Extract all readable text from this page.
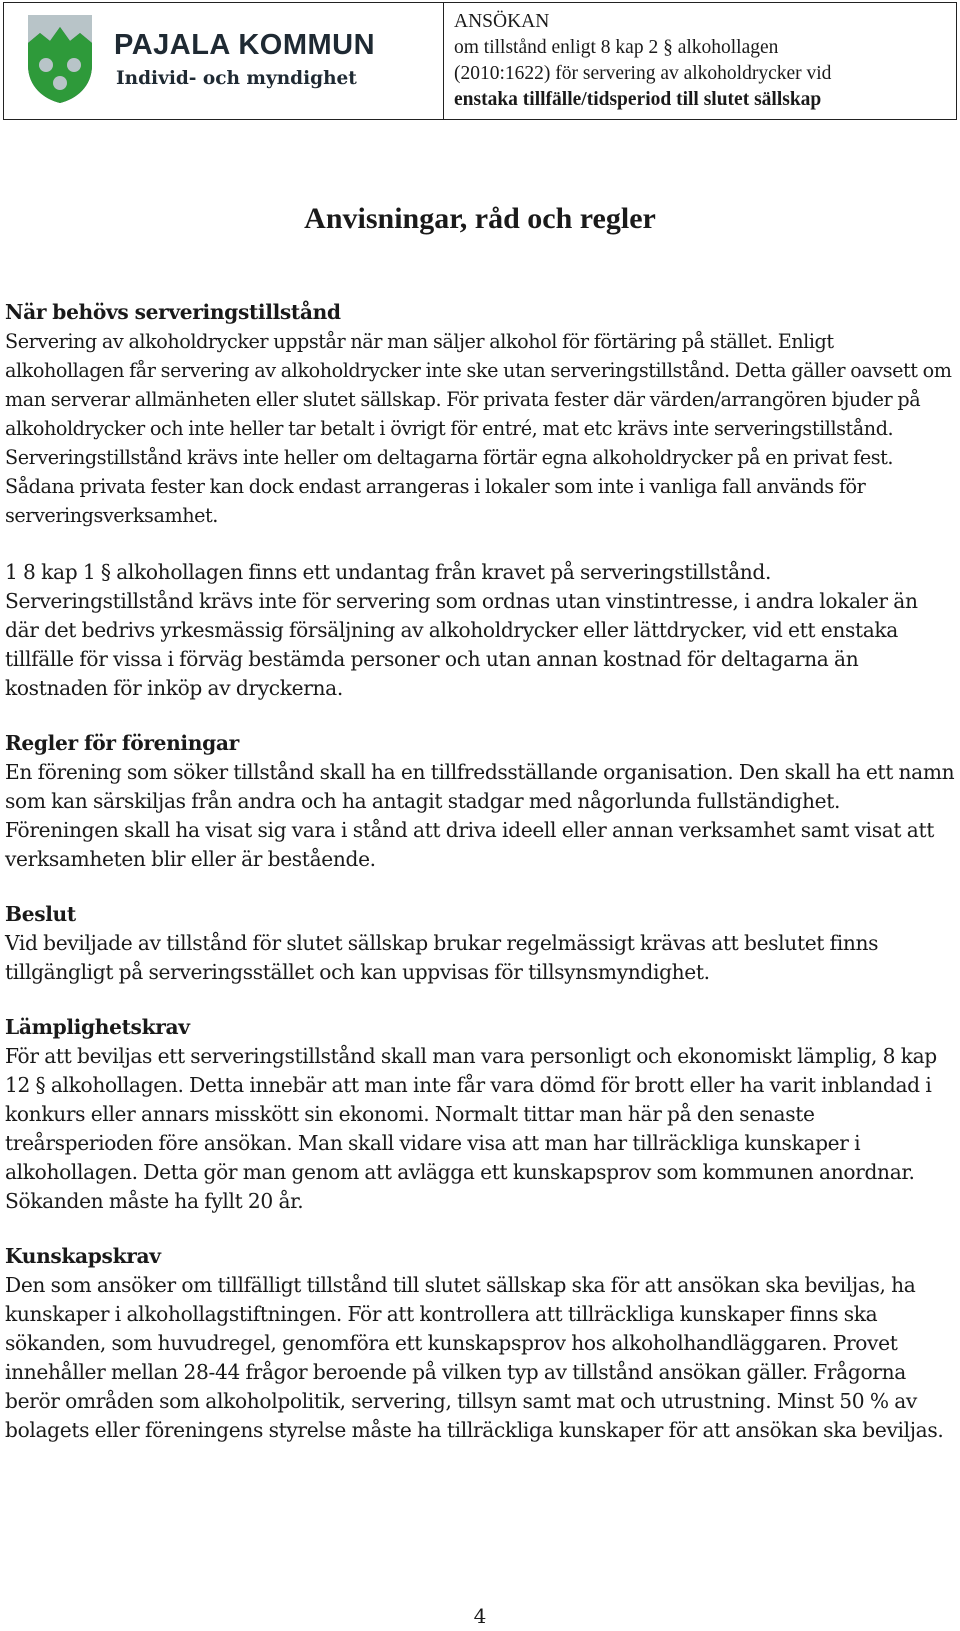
PAJALA KOMMUN
Individ- och myndighet
ANSÖKAN
om tillstånd enligt 8 kap 2 § alkohollagen
(2010:1622) för servering av alkoholdrycker vid
enstaka tillfälle/tidsperiod till slutet sällskap
Anvisningar, råd och regler
När behövs serveringstillstånd
Servering av alkoholdrycker uppstår när man säljer alkohol för förtäring på stället. Enligt alkohollagen får servering av alkoholdrycker inte ske utan serveringstillstånd. Detta gäller oavsett om man serverar allmänheten eller slutet sällskap. För privata fester där värden/arrangören bjuder på alkoholdrycker och inte heller tar betalt i övrigt för entré, mat etc krävs inte serveringstillstånd. Serveringstillstånd krävs inte heller om deltagarna förtär egna alkoholdrycker på en privat fest. Sådana privata fester kan dock endast arrangeras i lokaler som inte i vanliga fall används för serveringsverksamhet.
1 8 kap 1 § alkohollagen finns ett undantag från kravet på serveringstillstånd. Serveringstillstånd krävs inte för servering som ordnas utan vinstintresse, i andra lokaler än där det bedrivs yrkesmässig försäljning av alkoholdrycker eller lättdrycker, vid ett enstaka tillfälle för vissa i förväg bestämda personer och utan annan kostnad för deltagarna än kostnaden för inköp av dryckerna.
Regler för föreningar
En förening som söker tillstånd skall ha en tillfredsställande organisation. Den skall ha ett namn som kan särskiljas från andra och ha antagit stadgar med någorlunda fullständighet. Föreningen skall ha visat sig vara i stånd att driva ideell eller annan verksamhet samt visat att verksamheten blir eller är bestående.
Beslut
Vid beviljade av tillstånd för slutet sällskap brukar regelmässigt krävas att beslutet finns tillgängligt på serveringsstället och kan uppvisas för tillsynsmyndighet.
Lämplighetskrav
För att beviljas ett serveringstillstånd skall man vara personligt och ekonomiskt lämplig, 8 kap 12 § alkohollagen. Detta innebär att man inte får vara dömd för brott eller ha varit inblandad i konkurs eller annars misskött sin ekonomi. Normalt tittar man här på den senaste treårsperioden före ansökan. Man skall vidare visa att man har tillräckliga kunskaper i alkohollagen. Detta gör man genom att avlägga ett kunskapsprov som kommunen anordnar. Sökanden måste ha fyllt 20 år.
Kunskapskrav
Den som ansöker om tillfälligt tillstånd till slutet sällskap ska för att ansökan ska beviljas, ha kunskaper i alkohollagstiftningen. För att kontrollera att tillräckliga kunskaper finns ska sökanden, som huvudregel, genomföra ett kunskapsprov hos alkoholhandläggaren. Provet innehåller mellan 28-44 frågor beroende på vilken typ av tillstånd ansökan gäller. Frågorna berör områden som alkoholpolitik, servering, tillsyn samt mat och utrustning. Minst 50 % av bolagets eller föreningens styrelse måste ha tillräckliga kunskaper för att ansökan ska beviljas.
4
